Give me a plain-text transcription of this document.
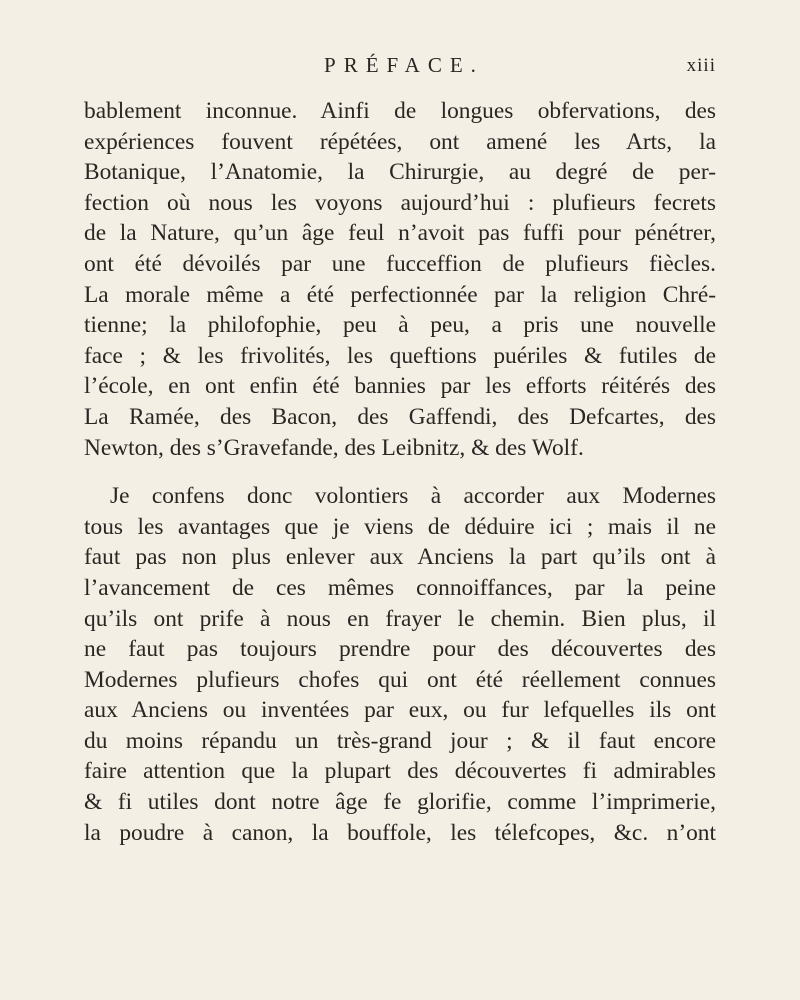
PRÉFACE.	xiii
bablement inconnue. Ainfi de longues obfervations, des
expériences fouvent répétées, ont amené les Arts, la
Botanique, l’Anatomie, la Chirurgie, au degré de per-
fection où nous les voyons aujourd’hui : plufieurs fecrets
de la Nature, qu’un âge feul n’avoit pas fuffi pour pénétrer,
ont été dévoilés par une fucceffion de plufieurs fiècles.
La morale même a été perfectionnée par la religion Chré-
tienne; la philofophie, peu à peu, a pris une nouvelle
face ; & les frivolités, les queftions puériles & futiles de
l’école, en ont enfin été bannies par les efforts réitérés des
La Ramée, des Bacon, des Gaffendi, des Defcartes, des
Newton, des s’Gravefande, des Leibnitz, & des Wolf.
Je confens donc volontiers à accorder aux Modernes
tous les avantages que je viens de déduire ici ; mais il ne
faut pas non plus enlever aux Anciens la part qu’ils ont à
l’avancement de ces mêmes connoiffances, par la peine
qu’ils ont prife à nous en frayer le chemin. Bien plus, il
ne faut pas toujours prendre pour des découvertes des
Modernes plufieurs chofes qui ont été réellement connues
aux Anciens ou inventées par eux, ou fur lefquelles ils ont
du moins répandu un très-grand jour ; & il faut encore
faire attention que la plupart des découvertes fi admirables
& fi utiles dont notre âge fe glorifie, comme l’imprimerie,
la poudre à canon, la bouffole, les télefcopes, &c. n’ont
